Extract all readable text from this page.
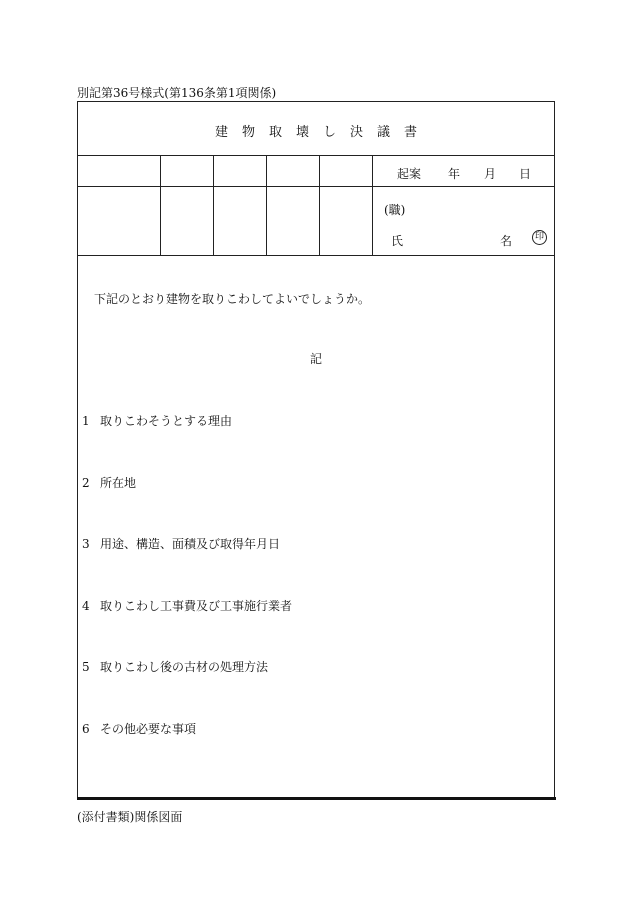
別記第36号様式(第136条第1項関係)
建物取壊し決議書
起案 年 月 日
(職)
氏	名	印
下記のとおり建物を取りこわしてよいでしょうか。
記
1 取りこわそうとする理由
2 所在地
3 用途、構造、面積及び取得年月日
4 取りこわし工事費及び工事施行業者
5 取りこわし後の古材の処理方法
6 その他必要な事項
(添付書類)関係図面
